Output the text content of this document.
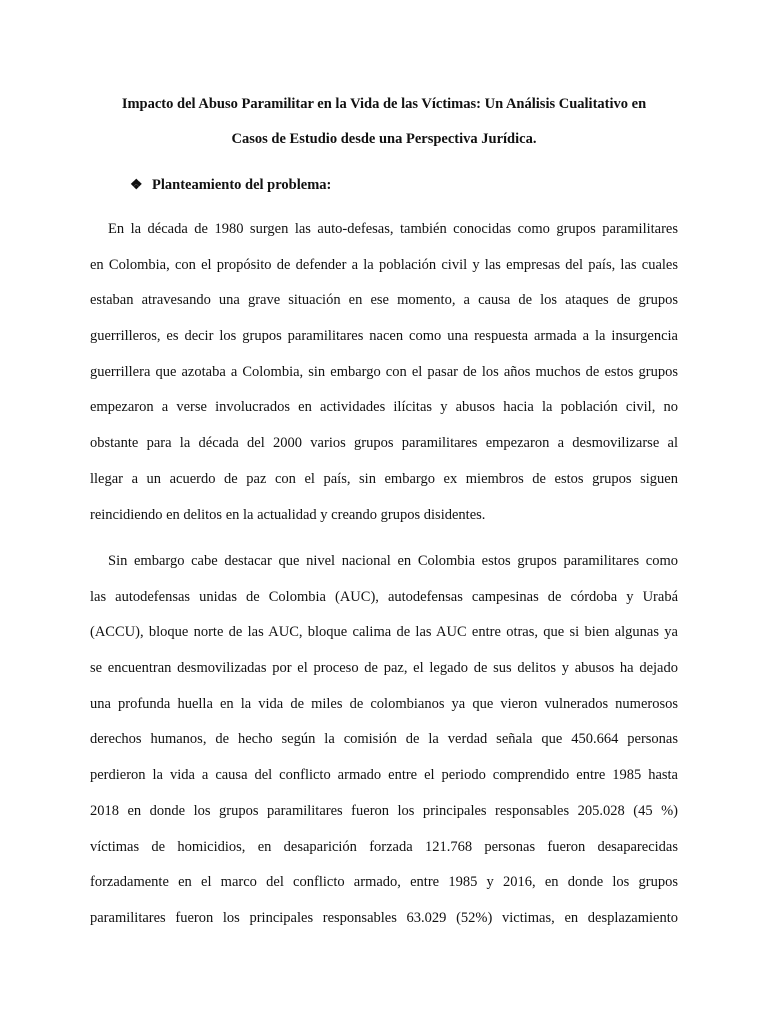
Impacto del Abuso Paramilitar en la Vida de las Víctimas: Un Análisis Cualitativo en
Casos de Estudio desde una Perspectiva Jurídica.
❖ Planteamiento del problema:
En la década de 1980 surgen las auto-defesas, también conocidas como grupos paramilitares
en Colombia, con el propósito de defender a la población civil y las empresas del país, las cuales
estaban atravesando una grave situación en ese momento, a causa de los ataques de grupos
guerrilleros, es decir los grupos paramilitares nacen como una respuesta armada a la insurgencia
guerrillera que azotaba a Colombia, sin embargo con el pasar de los años muchos de estos grupos
empezaron a verse involucrados en actividades ilícitas y abusos hacia la población civil, no
obstante para la década del 2000 varios grupos paramilitares empezaron a desmovilizarse al
llegar a un acuerdo de paz con el país, sin embargo ex miembros de estos grupos siguen
reincidiendo en delitos en la actualidad y creando grupos disidentes.
Sin embargo cabe destacar que nivel nacional en Colombia estos grupos paramilitares como
las autodefensas unidas de Colombia (AUC), autodefensas campesinas de córdoba y Urabá
(ACCU), bloque norte de las AUC, bloque calima de las AUC entre otras, que si bien algunas ya
se encuentran desmovilizadas por el proceso de paz, el legado de sus delitos y abusos ha dejado
una profunda huella en la vida de miles de colombianos ya que vieron vulnerados numerosos
derechos humanos, de hecho según la comisión de la verdad señala que 450.664 personas
perdieron la vida a causa del conflicto armado entre el periodo comprendido entre 1985 hasta
2018 en donde los grupos paramilitares fueron los principales responsables 205.028 (45 %)
víctimas de homicidios, en desaparición forzada 121.768 personas fueron desaparecidas
forzadamente en el marco del conflicto armado, entre 1985 y 2016, en donde los grupos
paramilitares fueron los principales responsables 63.029 (52%) victimas, en desplazamiento
